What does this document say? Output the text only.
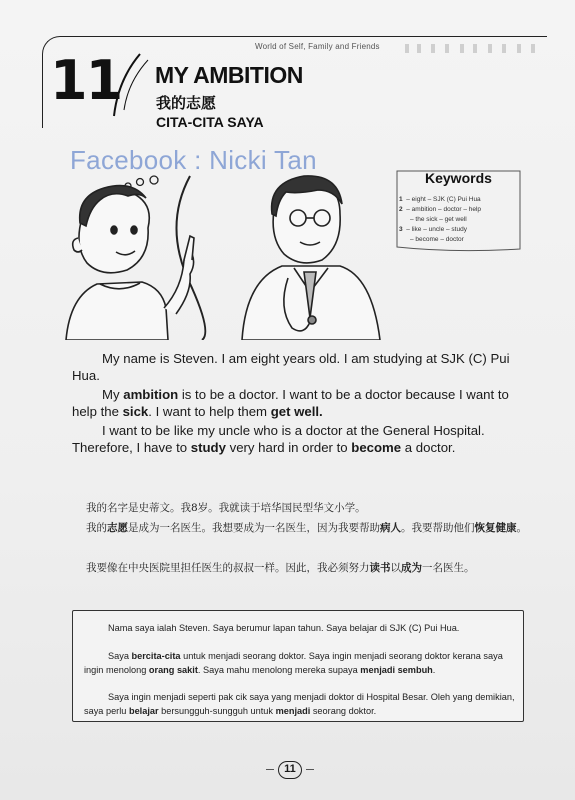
World of Self, Family and Friends
11 MY AMBITION
我的志愿
CITA-CITA SAYA
Facebook : Nicki Tan
Keywords
1 – eight – SJK (C) Pui Hua
2 – ambition – doctor – help
– the sick – get well
3 – like – uncle – study
– become – doctor

My name is Steven. I am eight years old. I am studying at SJK (C) Pui Hua.

My ambition is to be a doctor. I want to be a doctor because I want to help the sick. I want to help them get well.

I want to be like my uncle who is a doctor at the General Hospital. Therefore, I have to study very hard in order to become a doctor.

我的名字是史蒂文。我8岁。我就读于培华国民型华文小学。

我的志愿是成为一名医生。我想要成为一名医生，因为我要帮助病人。我要帮助他们恢复健康。

我要像在中央医院里担任医生的叔叔一样。因此，我必须努力读书以成为一名医生。

Nama saya ialah Steven. Saya berumur lapan tahun. Saya belajar di SJK (C) Pui Hua.

Saya bercita-cita untuk menjadi seorang doktor. Saya ingin menjadi seorang doktor kerana saya ingin menolong orang sakit. Saya mahu menolong mereka supaya menjadi sembuh.

Saya ingin menjadi seperti pak cik saya yang menjadi doktor di Hospital Besar. Oleh yang demikian, saya perlu belajar bersungguh-sungguh untuk menjadi seorang doktor.

11
